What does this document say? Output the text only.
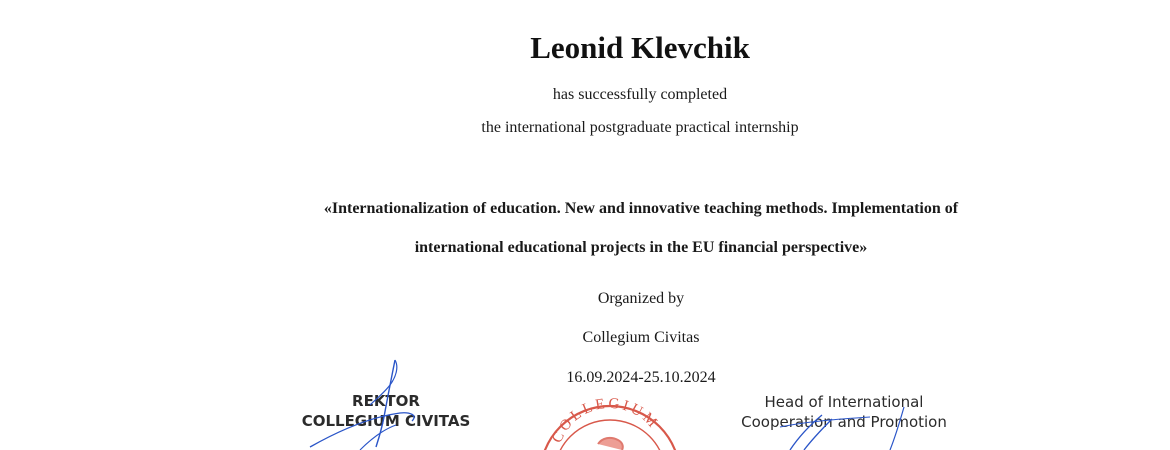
Leonid Klevchik
has successfully completed
the international postgraduate practical internship
«Internationalization of education. New and innovative teaching methods. Implementation of
international educational projects in the EU financial perspective»
Organized by
Collegium Civitas
16.09.2024-25.10.2024
REKTOR
COLLEGIUM CIVITAS
COLLEGIUM
Head of International
Cooperation and Promotion
